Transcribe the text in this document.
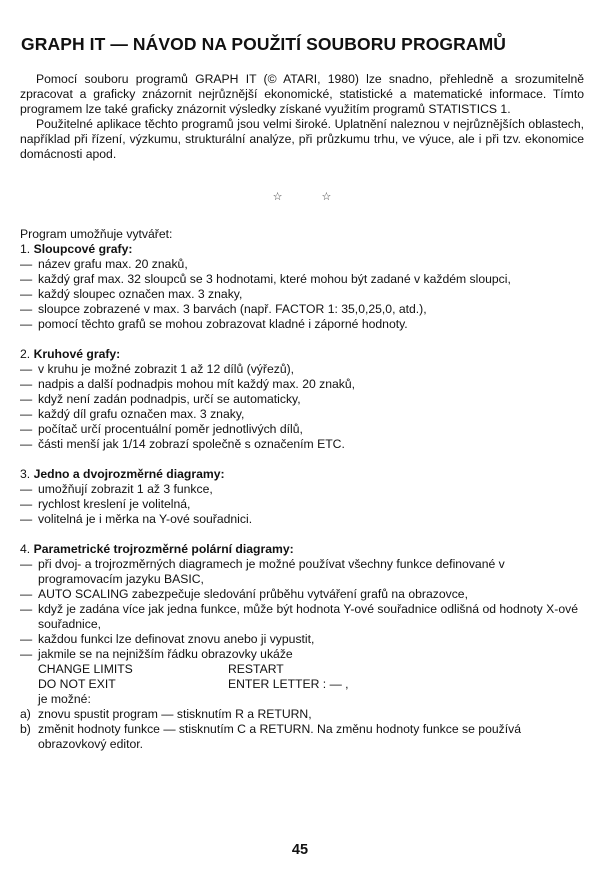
GRAPH IT — NÁVOD NA POUŽITÍ SOUBORU PROGRAMŮ

Pomocí souboru programů GRAPH IT (© ATARI, 1980) lze snadno, přehledně a srozumitelně zpracovat a graficky znázornit nejrůznější ekonomické, statistické a matematické informace. Tímto programem lze také graficky znázornit výsledky získané využitím programů STATISTICS 1.

Použitelné aplikace těchto programů jsou velmi široké. Uplatnění naleznou v nejrůznějších oblastech, například při řízení, výzkumu, strukturální analýze, při průzkumu trhu, ve výuce, ale i při tzv. ekonomice domácnosti apod.

☆	☆

Program umožňuje vytvářet:

1. Sloupcové grafy:

— název grafu max. 20 znaků,
— každý graf max. 32 sloupců se 3 hodnotami, které mohou být zadané v každém sloupci,
— každý sloupec označen max. 3 znaky,
— sloupce zobrazené v max. 3 barvách (např. FACTOR 1: 35,0,25,0, atd.),
— pomocí těchto grafů se mohou zobrazovat kladné i záporné hodnoty.

2. Kruhové grafy:

— v kruhu je možné zobrazit 1 až 12 dílů (výřezů),
— nadpis a další podnadpis mohou mít každý max. 20 znaků,
— když není zadán podnadpis, určí se automaticky,
— každý díl grafu označen max. 3 znaky,
— počítač určí procentuální poměr jednotlivých dílů,
— části menší jak 1/14 zobrazí společně s označením ETC.

3. Jedno a dvojrozměrné diagramy:

— umožňují zobrazit 1 až 3 funkce,
— rychlost kreslení je volitelná,
— volitelná je i měrka na Y-ové souřadnici.

4. Parametrické trojrozměrné polární diagramy:

— při dvoj- a trojrozměrných diagramech je možné používat všechny funkce definované v programovacím jazyku BASIC,
— AUTO SCALING zabezpečuje sledování průběhu vytváření grafů na obrazovce,
— když je zadána více jak jedna funkce, může být hodnota Y-ové souřadnice odlišná od hodnoty X-ové souřadnice,
— každou funkci lze definovat znovu anebo ji vypustit,
— jakmile se na nejnižším řádku obrazovky ukáže
CHANGE LIMITS	RESTART
DO NOT EXIT	ENTER LETTER : — ,

je možné:

a) znovu spustit program — stisknutím R a RETURN,

b) změnit hodnoty funkce — stisknutím C a RETURN. Na změnu hodnoty funkce se používá obrazovkový editor.

45
